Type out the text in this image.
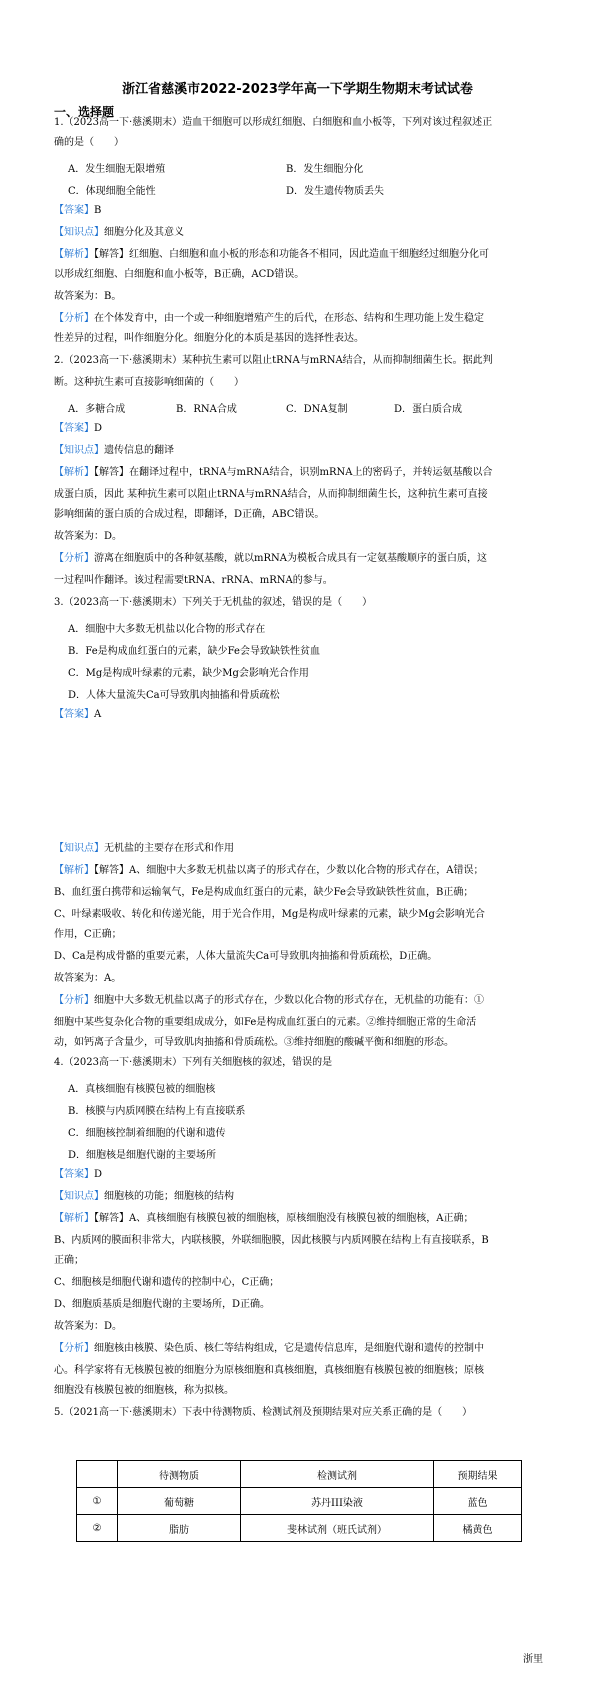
浙江省慈溪市2022-2023学年高一下学期生物期末考试试卷
一、选择题
1.（2023高一下·慈溪期末）造血干细胞可以形成红细胞、白细胞和血小板等，下列对该过程叙述正
确的是（　　）
A．发生细胞无限增殖	B．发生细胞分化
C．体现细胞全能性	D．发生遗传物质丢失
【答案】B
【知识点】细胞分化及其意义
【解析】【解答】红细胞、白细胞和血小板的形态和功能各不相同，因此造血干细胞经过细胞分化可
以形成红细胞、白细胞和血小板等，B正确，ACD错误。
故答案为：B。
【分析】在个体发育中，由一个或一种细胞增殖产生的后代，在形态、结构和生理功能上发生稳定
性差异的过程，叫作细胞分化。细胞分化的本质是基因的选择性表达。
2.（2023高一下·慈溪期末）某种抗生素可以阻止tRNA与mRNA结合，从而抑制细菌生长。据此判
断。这种抗生素可直接影响细菌的（　　）
A．多糖合成	B．RNA合成	C．DNA复制	D．蛋白质合成
【答案】D
【知识点】遗传信息的翻译
【解析】【解答】在翻译过程中，tRNA与mRNA结合，识别mRNA上的密码子，并转运氨基酸以合
成蛋白质，因此 某种抗生素可以阻止tRNA与mRNA结合，从而抑制细菌生长，这种抗生素可直接
影响细菌的蛋白质的合成过程，即翻译，D正确，ABC错误。
故答案为：D。
【分析】游离在细胞质中的各种氨基酸，就以mRNA为模板合成具有一定氨基酸顺序的蛋白质，这
一过程叫作翻译。该过程需要tRNA、rRNA、mRNA的参与。
3.（2023高一下·慈溪期末）下列关于无机盐的叙述，错误的是（　　）
A．细胞中大多数无机盐以化合物的形式存在
B．Fe是构成血红蛋白的元素，缺少Fe会导致缺铁性贫血
C．Mg是构成叶绿素的元素，缺少Mg会影响光合作用
D．人体大量流失Ca可导致肌肉抽搐和骨质疏松
【答案】A
【知识点】无机盐的主要存在形式和作用
【解析】【解答】A、细胞中大多数无机盐以离子的形式存在，少数以化合物的形式存在，A错误；
B、血红蛋白携带和运输氧气，Fe是构成血红蛋白的元素，缺少Fe会导致缺铁性贫血，B正确；
C、叶绿素吸收、转化和传递光能，用于光合作用，Mg是构成叶绿素的元素，缺少Mg会影响光合
作用，C正确；
D、Ca是构成骨骼的重要元素，人体大量流失Ca可导致肌肉抽搐和骨质疏松，D正确。
故答案为：A。
【分析】细胞中大多数无机盐以离子的形式存在，少数以化合物的形式存在，无机盐的功能有：①
细胞中某些复杂化合物的重要组成成分，如Fe是构成血红蛋白的元素。②维持细胞正常的生命活
动，如钙离子含量少，可导致肌肉抽搐和骨质疏松。③维持细胞的酸碱平衡和细胞的形态。
4.（2023高一下·慈溪期末）下列有关细胞核的叙述，错误的是
A．真核细胞有核膜包被的细胞核
B．核膜与内质网膜在结构上有直接联系
C．细胞核控制着细胞的代谢和遗传
D．细胞核是细胞代谢的主要场所
【答案】D
【知识点】细胞核的功能；细胞核的结构
【解析】【解答】A、真核细胞有核膜包被的细胞核，原核细胞没有核膜包被的细胞核，A正确；
B、内质网的膜面积非常大，内联核膜，外联细胞膜，因此核膜与内质网膜在结构上有直接联系，B
正确；
C、细胞核是细胞代谢和遗传的控制中心，C正确；
D、细胞质基质是细胞代谢的主要场所，D正确。
故答案为：D。
【分析】细胞核由核膜、染色质、核仁等结构组成，它是遗传信息库，是细胞代谢和遗传的控制中
心。科学家将有无核膜包被的细胞分为原核细胞和真核细胞，真核细胞有核膜包被的细胞核；原核
细胞没有核膜包被的细胞核，称为拟核。
5.（2021高一下·慈溪期末）下表中待测物质、检测试剂及预期结果对应关系正确的是（　　）
	待测物质	检测试剂	预期结果
①	葡萄糖	苏丹III染液	蓝色
②	脂肪	斐林试剂（班氏试剂）	橘黄色
浙里
